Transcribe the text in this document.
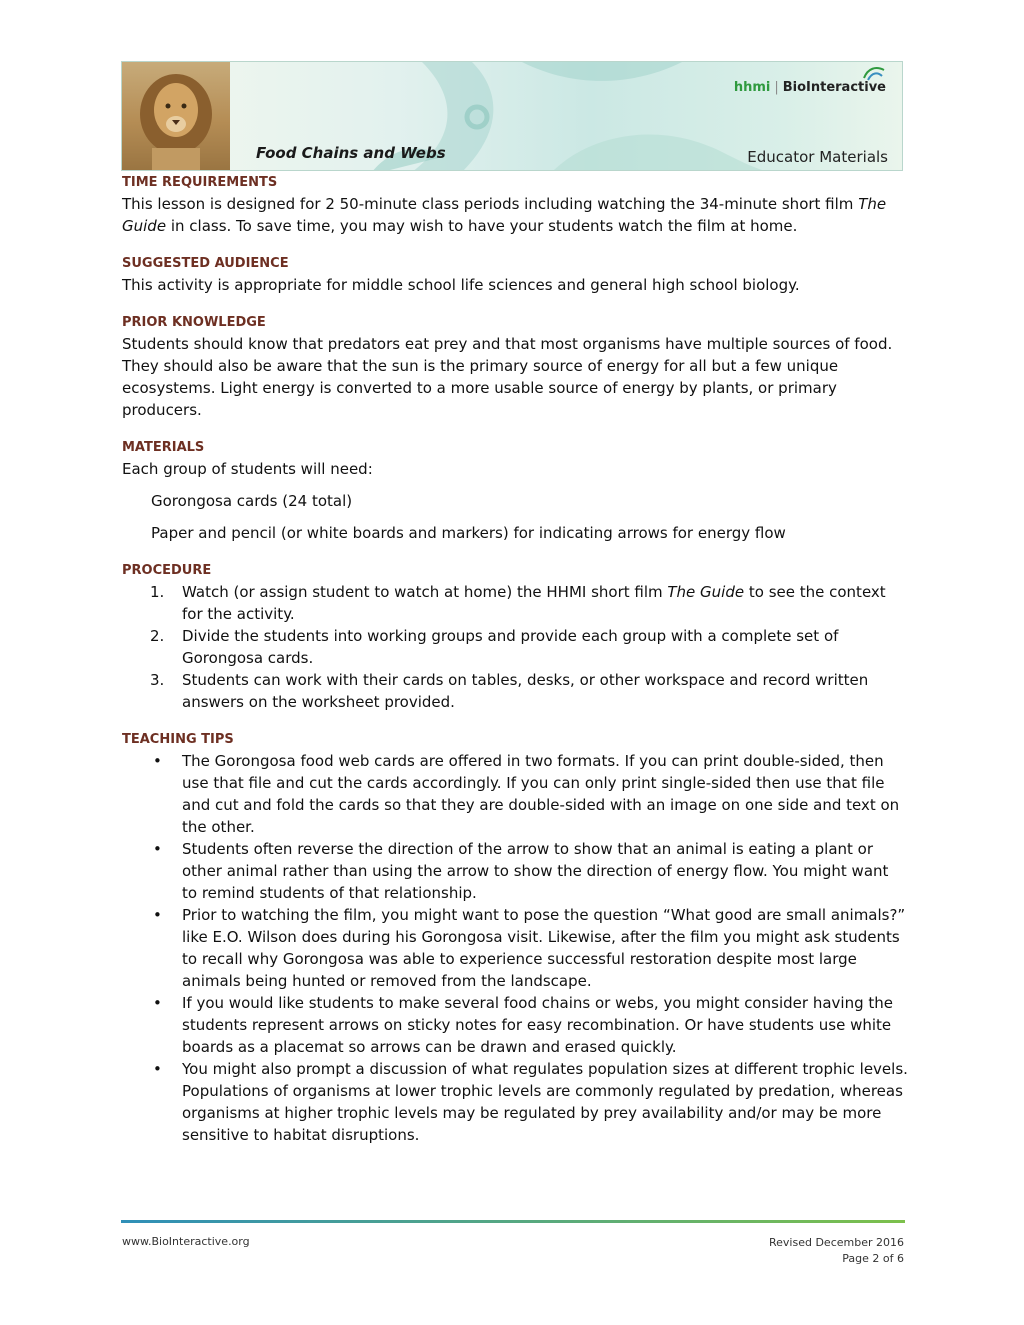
hhmi | BioInteractive
Food Chains and Webs	Educator Materials
TIME REQUIREMENTS

This lesson is designed for 2 50-minute class periods including watching the 34-minute short film The Guide in class. To save time, you may wish to have your students watch the film at home.

SUGGESTED AUDIENCE

This activity is appropriate for middle school life sciences and general high school biology.

PRIOR KNOWLEDGE

Students should know that predators eat prey and that most organisms have multiple sources of food. They should also be aware that the sun is the primary source of energy for all but a few unique ecosystems. Light energy is converted to a more usable source of energy by plants, or primary producers.

MATERIALS

Each group of students will need:

Gorongosa cards (24 total)
Paper and pencil (or white boards and markers) for indicating arrows for energy flow
PROCEDURE
1. Watch (or assign student to watch at home) the HHMI short film The Guide to see the context for the activity.
2. Divide the students into working groups and provide each group with a complete set of Gorongosa cards.
3. Students can work with their cards on tables, desks, or other workspace and record written answers on the worksheet provided.
TEACHING TIPS
• The Gorongosa food web cards are offered in two formats. If you can print double-sided, then use that file and cut the cards accordingly. If you can only print single-sided then use that file and cut and fold the cards so that they are double-sided with an image on one side and text on the other.
• Students often reverse the direction of the arrow to show that an animal is eating a plant or other animal rather than using the arrow to show the direction of energy flow. You might want to remind students of that relationship.
• Prior to watching the film, you might want to pose the question “What good are small animals?” like E.O. Wilson does during his Gorongosa visit. Likewise, after the film you might ask students to recall why Gorongosa was able to experience successful restoration despite most large animals being hunted or removed from the landscape.
• If you would like students to make several food chains or webs, you might consider having the students represent arrows on sticky notes for easy recombination. Or have students use white boards as a placemat so arrows can be drawn and erased quickly.
• You might also prompt a discussion of what regulates population sizes at different trophic levels. Populations of organisms at lower trophic levels are commonly regulated by predation, whereas organisms at higher trophic levels may be regulated by prey availability and/or may be more sensitive to habitat disruptions.
www.BioInteractive.org	Revised December 2016
Page 2 of 6
